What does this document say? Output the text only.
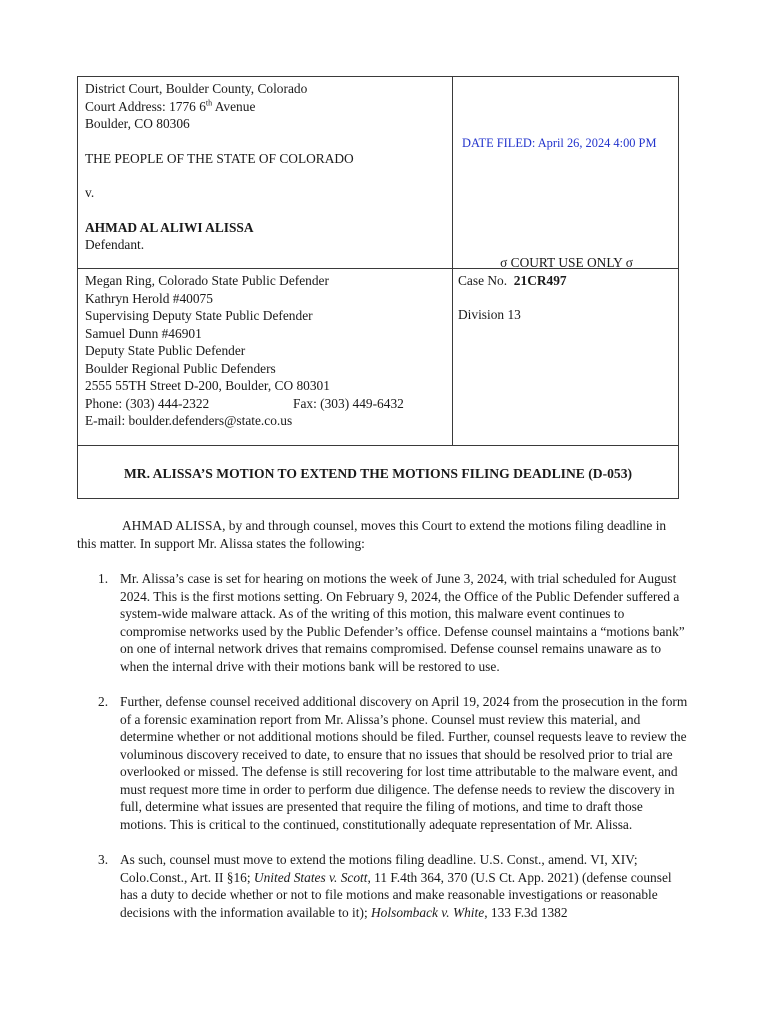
District Court, Boulder County, Colorado
Court Address: 1776 6th Avenue
Boulder, CO 80306
THE PEOPLE OF THE STATE OF COLORADO
v.
AHMAD AL ALIWI ALISSA
Defendant.
DATE FILED: April 26, 2024 4:00 PM
σ COURT USE ONLY σ
Case No. 21CR497
Division 13
Megan Ring, Colorado State Public Defender
Kathryn Herold #40075
Supervising Deputy State Public Defender
Samuel Dunn #46901
Deputy State Public Defender
Boulder Regional Public Defenders
2555 55TH Street D-200, Boulder, CO 80301
Phone: (303) 444-2322	Fax: (303) 449-6432
E-mail: boulder.defenders@state.co.us
MR. ALISSA’S MOTION TO EXTEND THE MOTIONS FILING DEADLINE (D-053)

AHMAD ALISSA, by and through counsel, moves this Court to extend the motions filing deadline in this matter. In support Mr. Alissa states the following:

1. Mr. Alissa’s case is set for hearing on motions the week of June 3, 2024, with trial scheduled for August 2024. This is the first motions setting. On February 9, 2024, the Office of the Public Defender suffered a system-wide malware attack. As of the writing of this motion, this malware event continues to compromise networks used by the Public Defender’s office. Defense counsel maintains a “motions bank” on one of internal network drives that remains compromised. Defense counsel remains unaware as to when the internal drive with their motions bank will be restored to use.
2. Further, defense counsel received additional discovery on April 19, 2024 from the prosecution in the form of a forensic examination report from Mr. Alissa’s phone. Counsel must review this material, and determine whether or not additional motions should be filed. Further, counsel requests leave to review the voluminous discovery received to date, to ensure that no issues that should be resolved prior to trial are overlooked or missed. The defense is still recovering for lost time attributable to the malware event, and must request more time in order to perform due diligence. The defense needs to review the discovery in full, determine what issues are presented that require the filing of motions, and time to draft those motions. This is critical to the continued, constitutionally adequate representation of Mr. Alissa.
3. As such, counsel must move to extend the motions filing deadline. U.S. Const., amend. VI, XIV; Colo.Const., Art. II §16; United States v. Scott, 11 F.4th 364, 370 (U.S Ct. App. 2021) (defense counsel has a duty to decide whether or not to file motions and make reasonable investigations or reasonable decisions with the information available to it); Holsomback v. White, 133 F.3d 1382
